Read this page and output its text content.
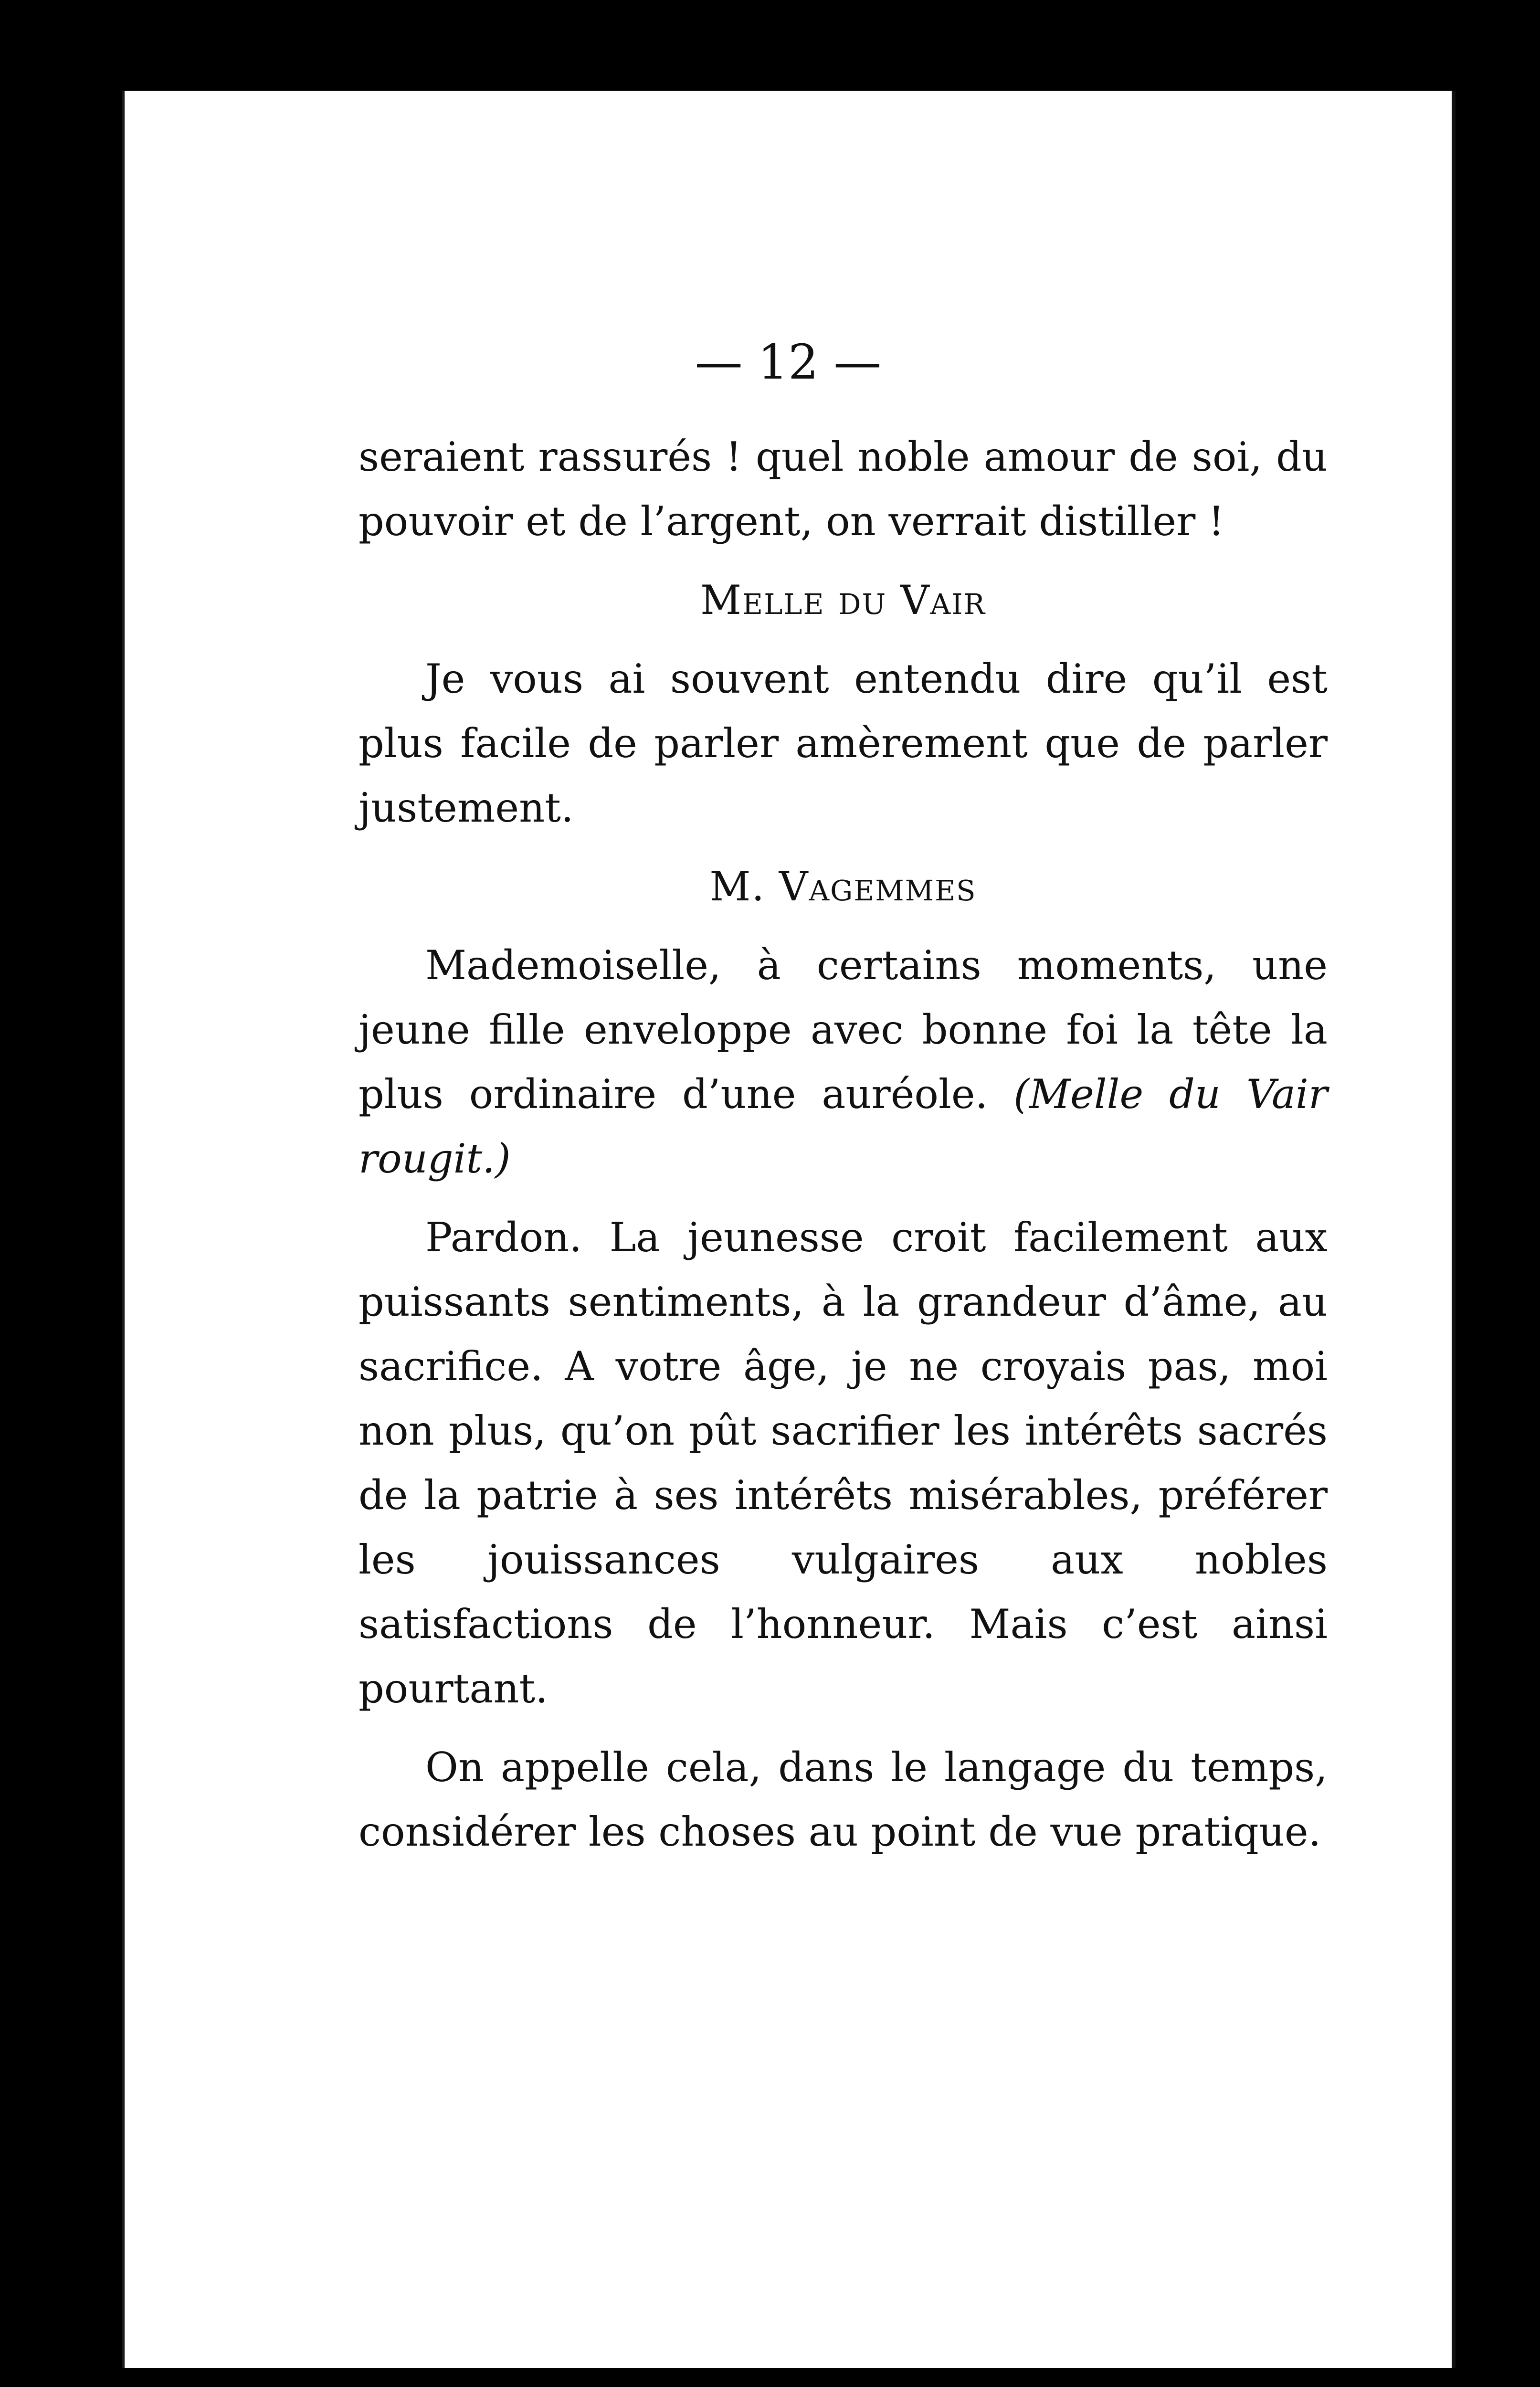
— 12 —

seraient rassurés ! quel noble amour de soi, du pouvoir et de l’argent, on verrait distiller !

Melle du Vair

Je vous ai souvent entendu dire qu’il est plus facile de parler amèrement que de parler justement.

M. Vagemmes

Mademoiselle, à certains moments, une jeune fille enveloppe avec bonne foi la tête la plus ordinaire d’une auréole. (Melle du Vair rougit.)

Pardon. La jeunesse croit facilement aux puissants sentiments, à la grandeur d’âme, au sacrifice. A votre âge, je ne croyais pas, moi non plus, qu’on pût sacrifier les intérêts sacrés de la patrie à ses intérêts misérables, préférer les jouissances vulgaires aux nobles satisfactions de l’honneur. Mais c’est ainsi pourtant.

On appelle cela, dans le langage du temps, considérer les choses au point de vue pratique.
